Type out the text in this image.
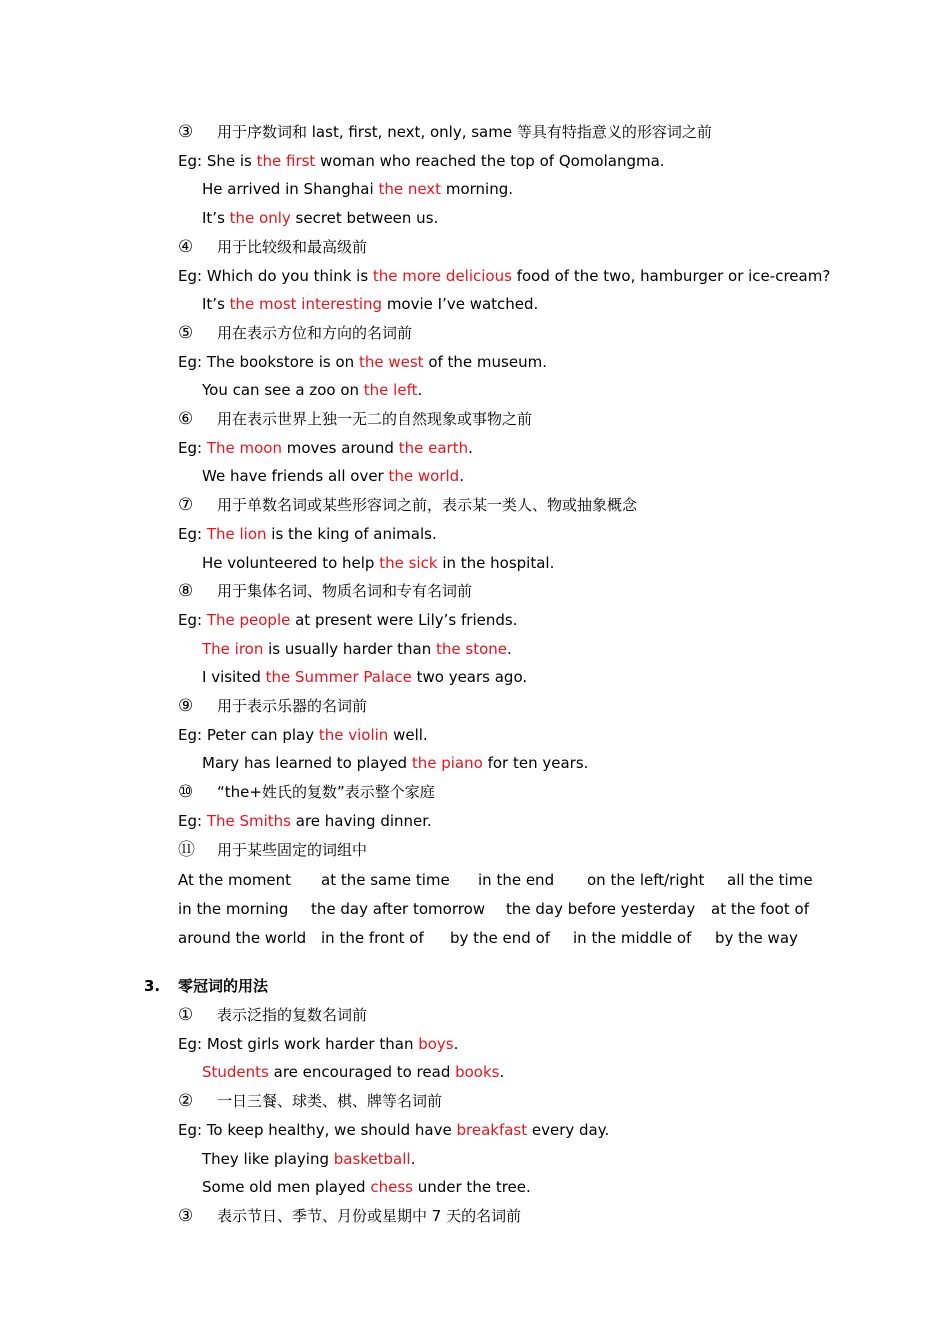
3. 零冠词的用法
③ 用于序数词和 last, first, next, only, same 等具有特指意义的形容词之前
Eg: She is the first woman who reached the top of Qomolangma.
He arrived in Shanghai the next morning.
It’s the only secret between us.
④ 用于比较级和最高级前
Eg: Which do you think is the more delicious food of the two, hamburger or ice-cream?
It’s the most interesting movie I’ve watched.
⑤ 用在表示方位和方向的名词前
Eg: The bookstore is on the west of the museum.
You can see a zoo on the left.
⑥ 用在表示世界上独一无二的自然现象或事物之前
Eg: The moon moves around the earth.
We have friends all over the world.
⑦ 用于单数名词或某些形容词之前，表示某一类人、物或抽象概念
Eg: The lion is the king of animals.
He volunteered to help the sick in the hospital.
⑧ 用于集体名词、物质名词和专有名词前
Eg: The people at present were Lily’s friends.
The iron is usually harder than the stone.
I visited the Summer Palace two years ago.
⑨ 用于表示乐器的名词前
Eg: Peter can play the violin well.
Mary has learned to played the piano for ten years.
⑩ “the+姓氏的复数”表示整个家庭
Eg: The Smiths are having dinner.
⑪ 用于某些固定的词组中
At the moment at the same time in the end on the left/right all the time
in the morning the day after tomorrow the day before yesterday at the foot of
around the world in the front of by the end of in the middle of by the way
① 表示泛指的复数名词前
Eg: Most girls work harder than boys.
Students are encouraged to read books.
② 一日三餐、球类、棋、牌等名词前
Eg: To keep healthy, we should have breakfast every day.
They like playing basketball.
Some old men played chess under the tree.
③ 表示节日、季节、月份或星期中 7 天的名词前
